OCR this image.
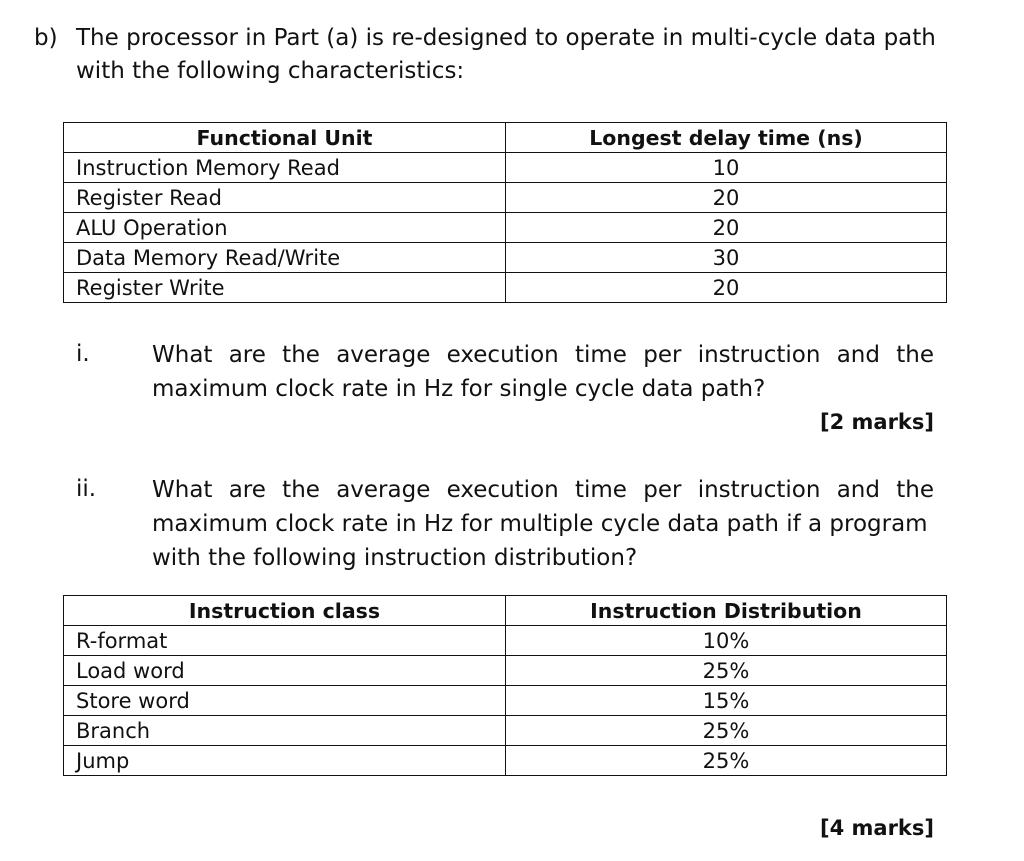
b) The processor in Part (a) is re-designed to operate in multi-cycle data path
with the following characteristics:
Functional Unit	Longest delay time (ns)
Instruction Memory Read	10
Register Read	20
ALU Operation	20
Data Memory Read/Write	30
Register Write	20
i.	What are the average execution time per instruction and the
maximum clock rate in Hz for single cycle data path?
[2 marks]
ii. What are the average execution time per instruction and the
maximum clock rate in Hz for multiple cycle data path if a program
with the following instruction distribution?
Instruction class	Instruction Distribution
R-format	10%
Load word	25%
Store word	15%
Branch	25%
Jump	25%
[4 marks]
